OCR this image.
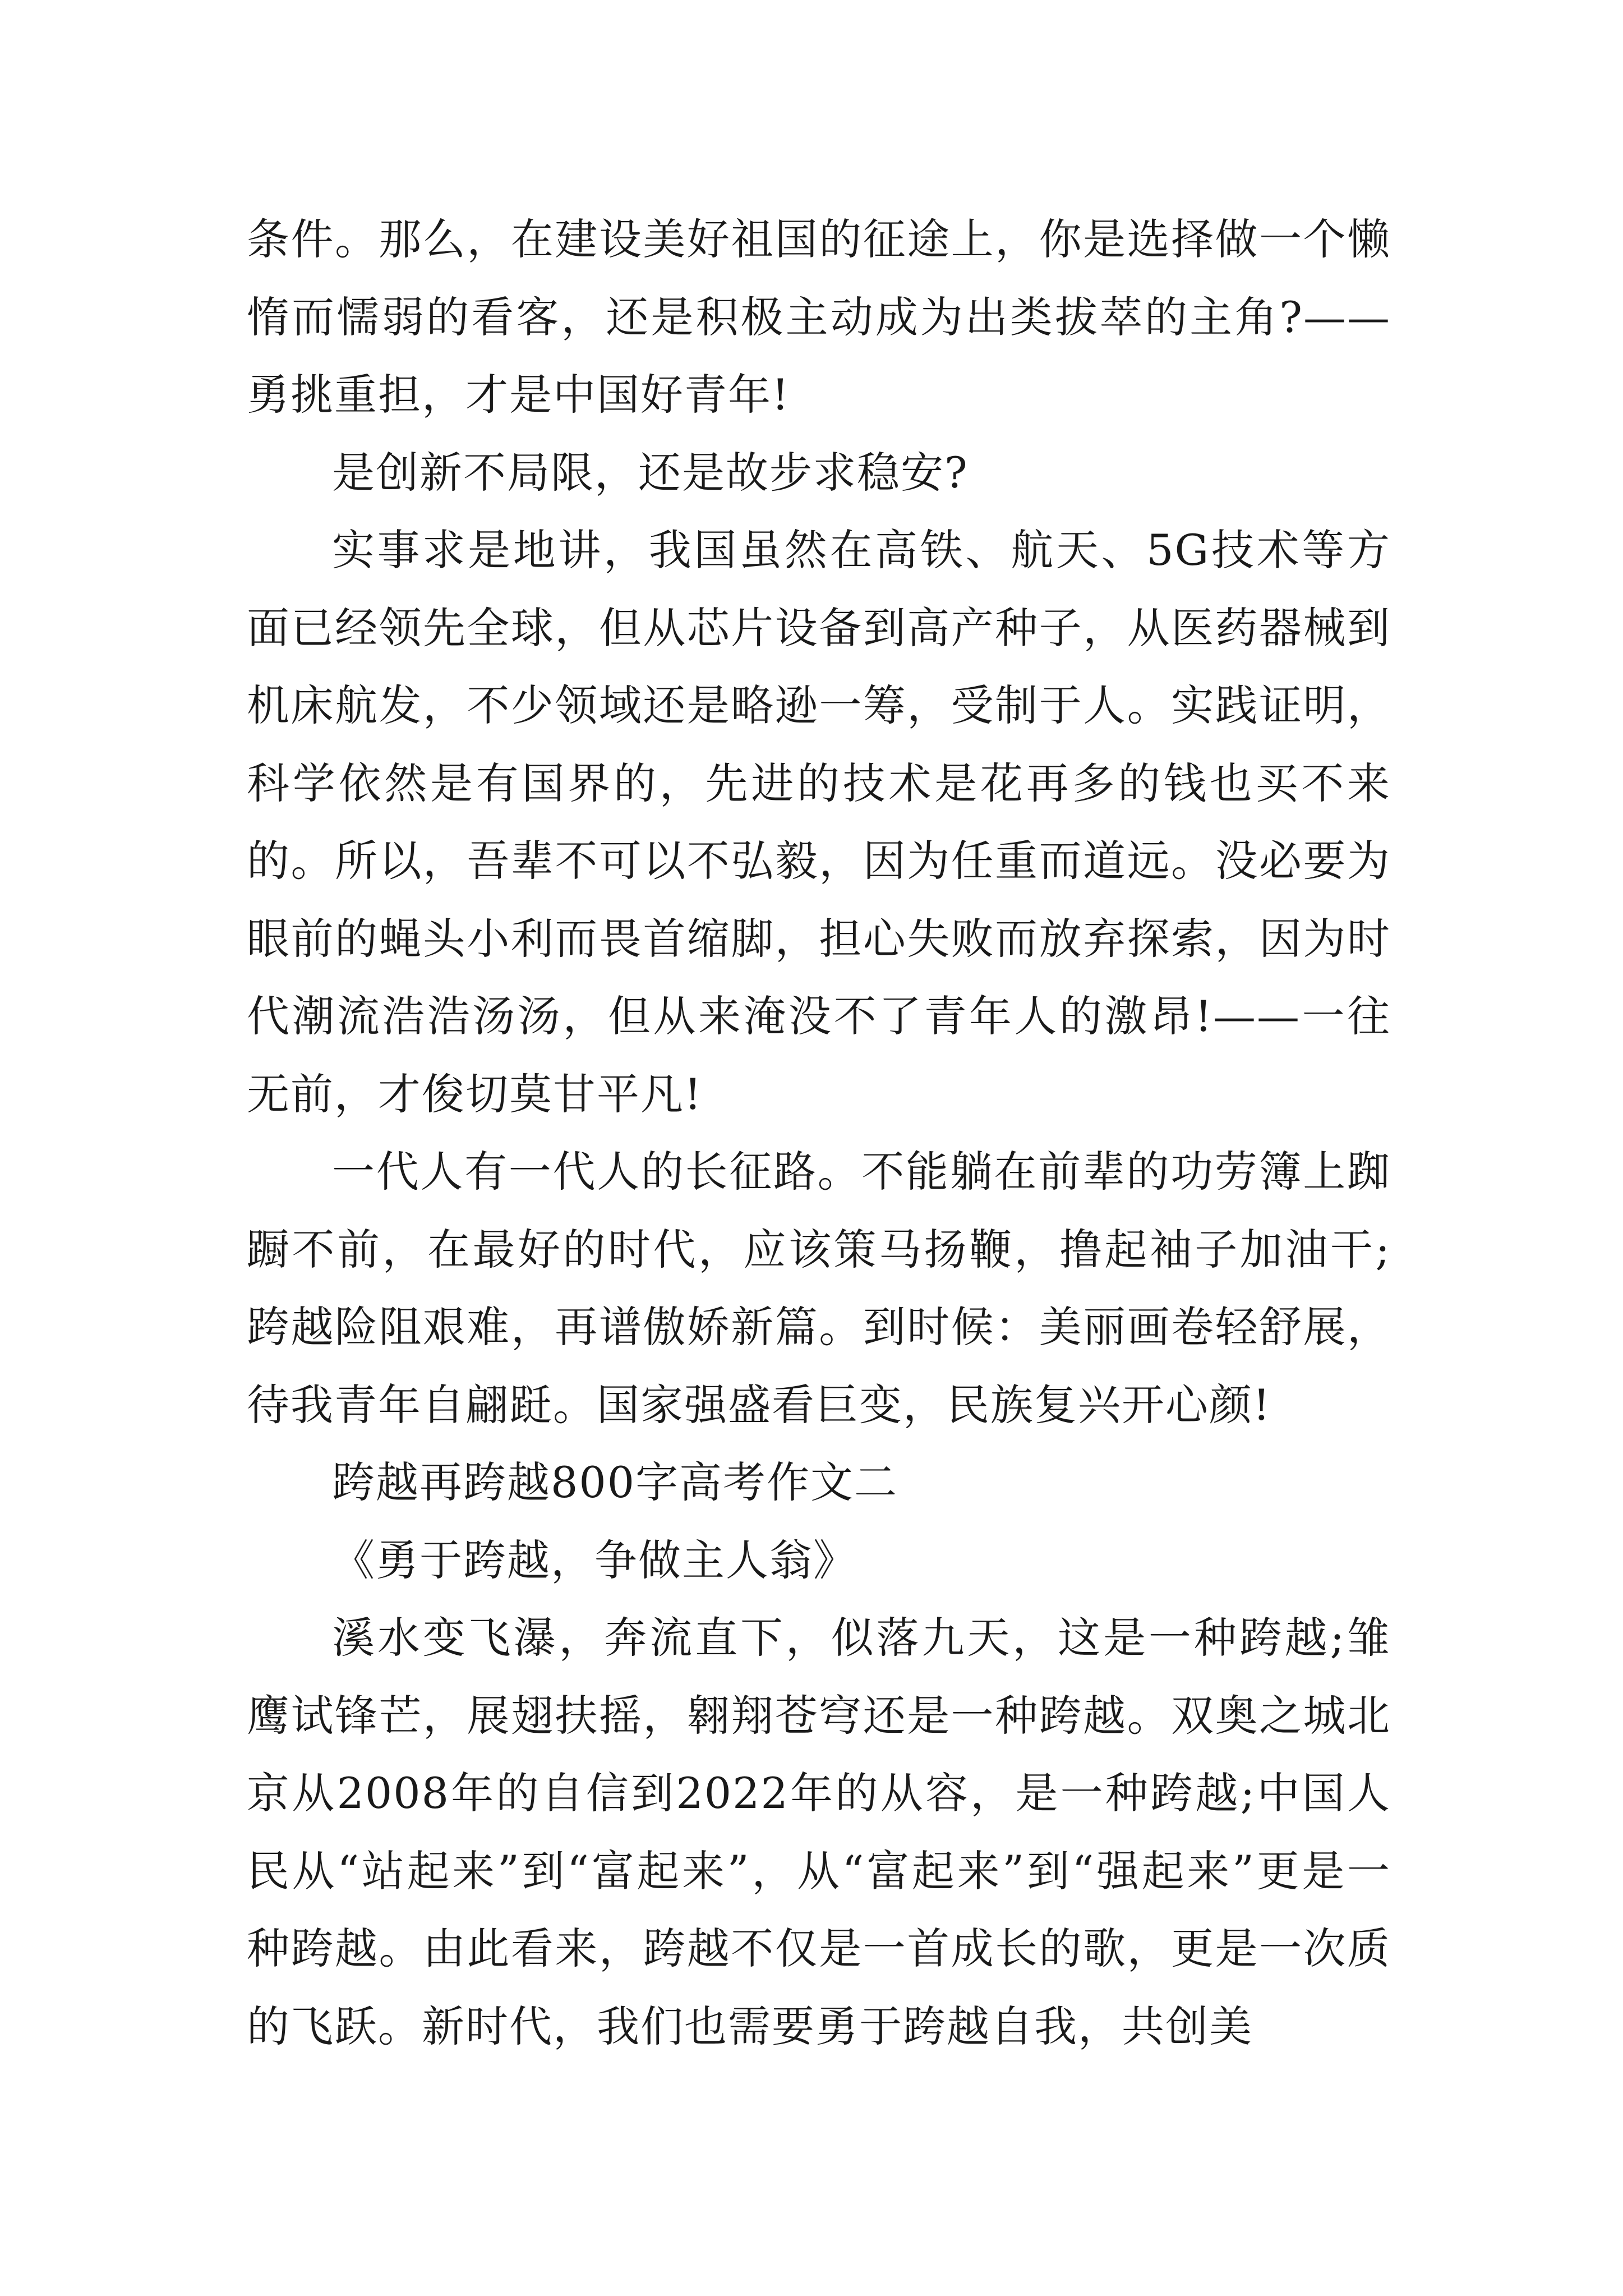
条件。那么，在建设美好祖国的征途上，你是选择做一个懒惰而懦弱的看客，还是积极主动成为出类拔萃的主角?——勇挑重担，才是中国好青年!

是创新不局限，还是故步求稳安?

实事求是地讲，我国虽然在高铁、航天、5G技术等方面已经领先全球，但从芯片设备到高产种子，从医药器械到机床航发，不少领域还是略逊一筹，受制于人。实践证明，科学依然是有国界的，先进的技术是花再多的钱也买不来的。所以，吾辈不可以不弘毅，因为任重而道远。没必要为眼前的蝇头小利而畏首缩脚，担心失败而放弃探索，因为时代潮流浩浩汤汤，但从来淹没不了青年人的激昂!——一往无前，才俊切莫甘平凡!

一代人有一代人的长征路。不能躺在前辈的功劳簿上踟蹰不前，在最好的时代，应该策马扬鞭，撸起袖子加油干;跨越险阻艰难，再谱傲娇新篇。到时候：美丽画卷轻舒展，待我青年自翩跹。国家强盛看巨变，民族复兴开心颜!

跨越再跨越800字高考作文二

《勇于跨越，争做主人翁》

溪水变飞瀑，奔流直下，似落九天，这是一种跨越;雏鹰试锋芒，展翅扶摇，翱翔苍穹还是一种跨越。双奥之城北京从2008年的自信到2022年的从容，是一种跨越;中国人民从“站起来”到“富起来”，从“富起来”到“强起来”更是一种跨越。由此看来，跨越不仅是一首成长的歌，更是一次质的飞跃。新时代，我们也需要勇于跨越自我，共创美
